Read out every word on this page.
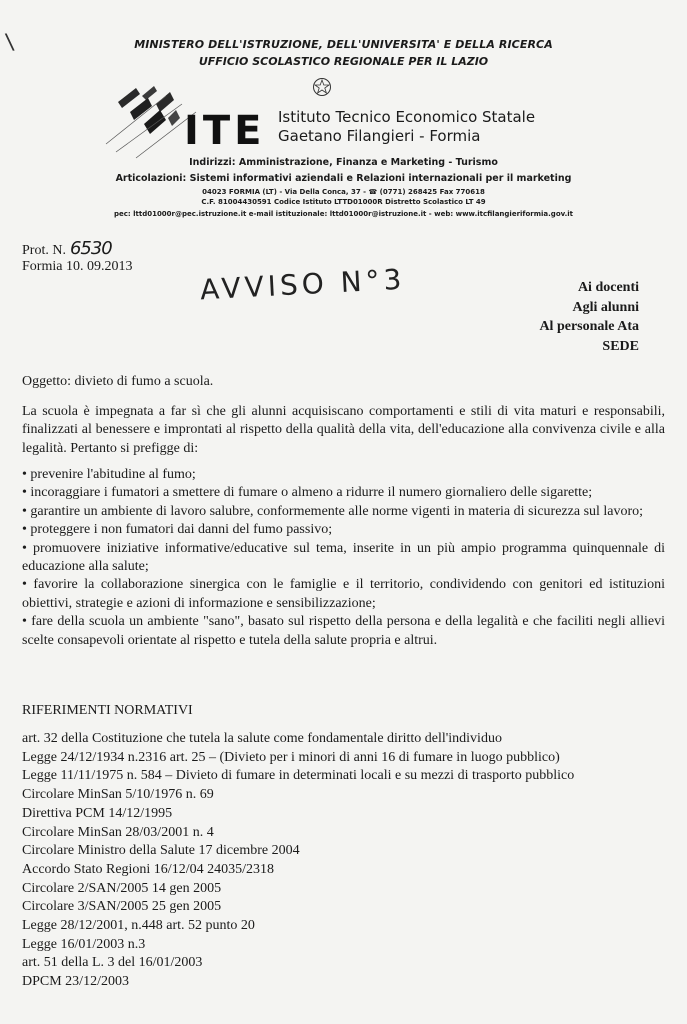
\	MINISTERO DELL'ISTRUZIONE, DELL'UNIVERSITA' E DELLA RICERCA
UFFICIO SCOLASTICO REGIONALE PER IL LAZIO
ITE Istituto Tecnico Economico Statale
Gaetano Filangieri - Formia
Indirizzi: Amministrazione, Finanza e Marketing - Turismo
Articolazioni: Sistemi informativi aziendali e Relazioni internazionali per il marketing
04023 FORMIA (LT) - Via Della Conca, 37 - ☎ (0771) 268425 Fax 770618
C.F. 81004430591 Codice Istituto LTTD01000R Distretto Scolastico LT 49
pec: lttd01000r@pec.istruzione.it e-mail istituzionale: lttd01000r@istruzione.it - web: www.itcfilangieriformia.gov.it
Prot. N. 6530
Formia 10. 09.2013 AVVISO N°3	Ai docenti
Agli alunni
Al personale Ata
SEDE
Oggetto: divieto di fumo a scuola.
La scuola è impegnata a far sì che gli alunni acquisiscano comportamenti e stili di vita maturi e responsabili, finalizzati al benessere e improntati al rispetto della qualità della vita, dell'educazione alla convivenza civile e alla legalità. Pertanto si prefigge di:
• prevenire l'abitudine al fumo;
• incoraggiare i fumatori a smettere di fumare o almeno a ridurre il numero giornaliero delle sigarette;
• garantire un ambiente di lavoro salubre, conformemente alle norme vigenti in materia di sicurezza sul lavoro;
• proteggere i non fumatori dai danni del fumo passivo;
• promuovere iniziative informative/educative sul tema, inserite in un più ampio programma quinquennale di educazione alla salute;
• favorire la collaborazione sinergica con le famiglie e il territorio, condividendo con genitori ed istituzioni obiettivi, strategie e azioni di informazione e sensibilizzazione;
• fare della scuola un ambiente "sano", basato sul rispetto della persona e della legalità e che faciliti negli allievi scelte consapevoli orientate al rispetto e tutela della salute propria e altrui.
RIFERIMENTI NORMATIVI
art. 32 della Costituzione che tutela la salute come fondamentale diritto dell'individuo
Legge 24/12/1934 n.2316 art. 25 – (Divieto per i minori di anni 16 di fumare in luogo pubblico)
Legge 11/11/1975 n. 584 – Divieto di fumare in determinati locali e su mezzi di trasporto pubblico
Circolare MinSan 5/10/1976 n. 69
Direttiva PCM 14/12/1995
Circolare MinSan 28/03/2001 n. 4
Circolare Ministro della Salute 17 dicembre 2004
Accordo Stato Regioni 16/12/04 24035/2318
Circolare 2/SAN/2005 14 gen 2005
Circolare 3/SAN/2005 25 gen 2005
Legge 28/12/2001, n.448 art. 52 punto 20
Legge 16/01/2003 n.3
art. 51 della L. 3 del 16/01/2003
DPCM 23/12/2003
